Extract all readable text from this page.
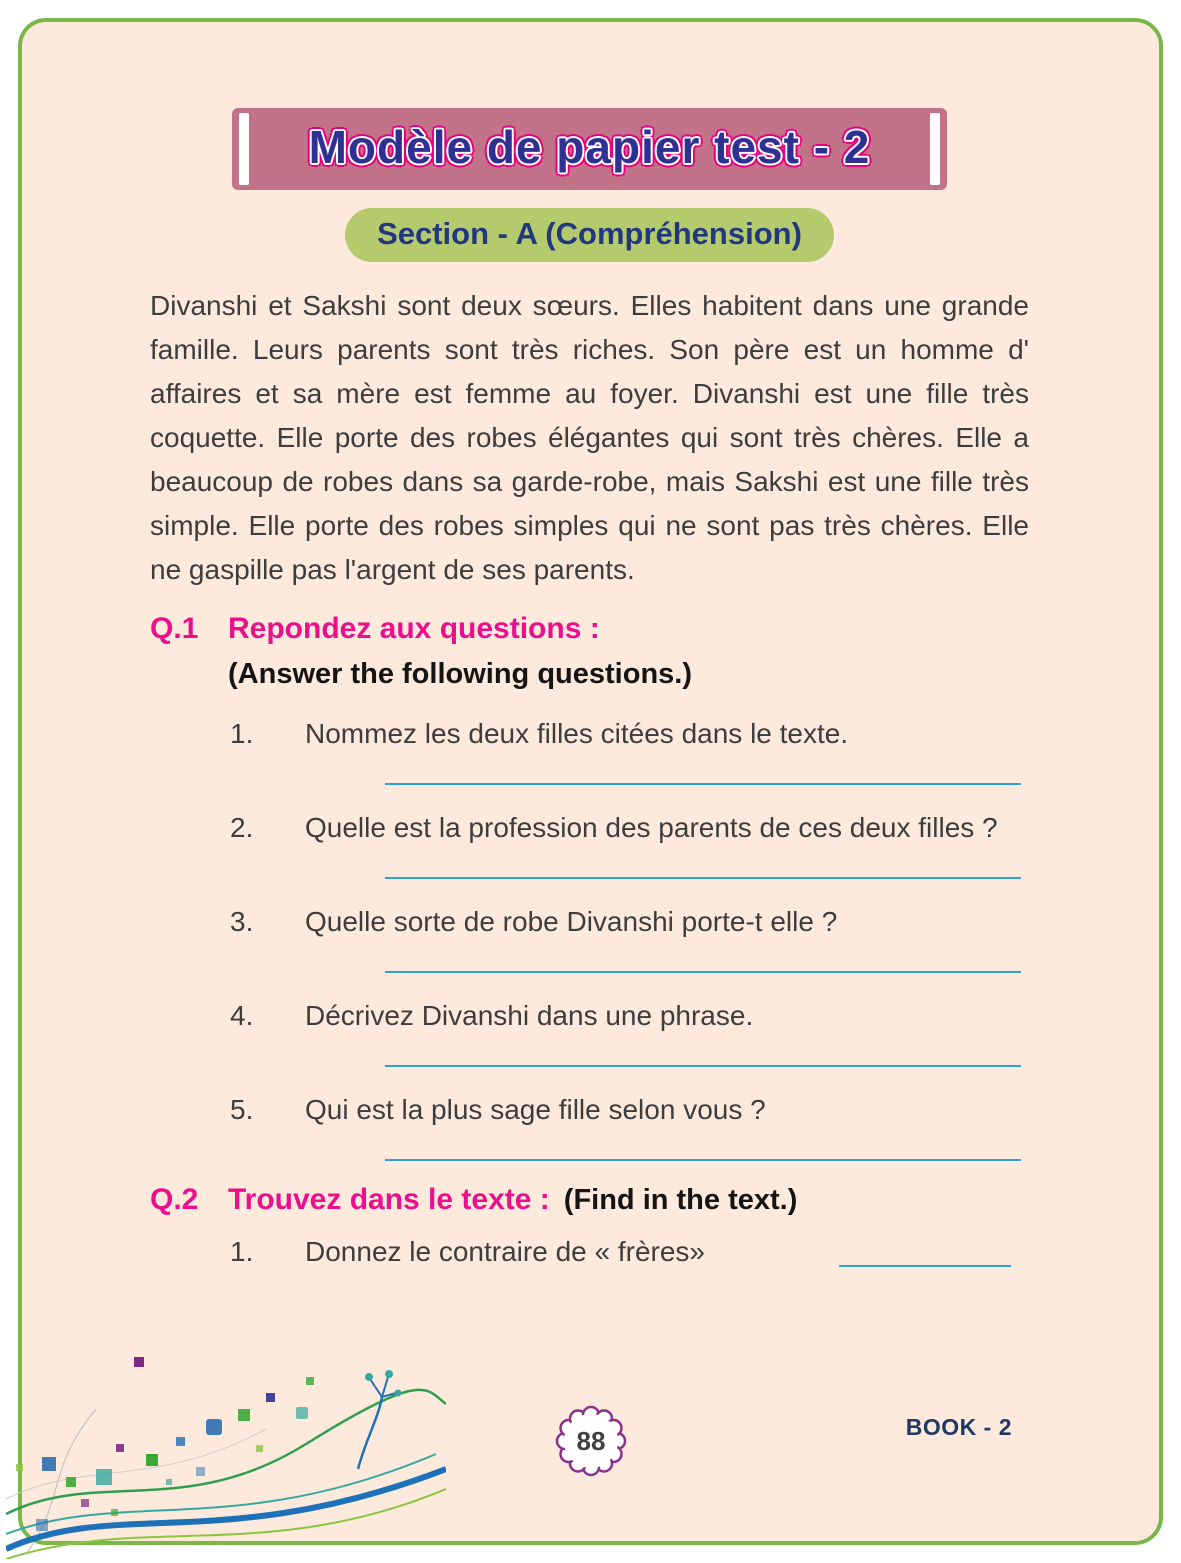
Modèle de papier test - 2
Section - A (Compréhension)

Divanshi et Sakshi sont deux sœurs. Elles habitent dans une grande famille. Leurs parents sont très riches. Son père est un homme d' affaires et sa mère est femme au foyer. Divanshi est une fille très coquette. Elle porte des robes élégantes qui sont très chères. Elle a beaucoup de robes dans sa garde-robe, mais Sakshi est une fille très simple. Elle porte des robes simples qui ne sont pas très chères. Elle ne gaspille pas l'argent de ses parents.

Q.1 Repondez aux questions :
(Answer the following questions.)
1.	Nommez les deux filles citées dans le texte.
2.	Quelle est la profession des parents de ces deux filles ?
3.	Quelle sorte de robe Divanshi porte-t elle ?
4.	Décrivez Divanshi dans une phrase.
5.	Qui est la plus sage fille selon vous ?
Q.2 Trouvez dans le texte : (Find in the text.)
1.	Donnez le contraire de « frères»
88	BOOK - 2
